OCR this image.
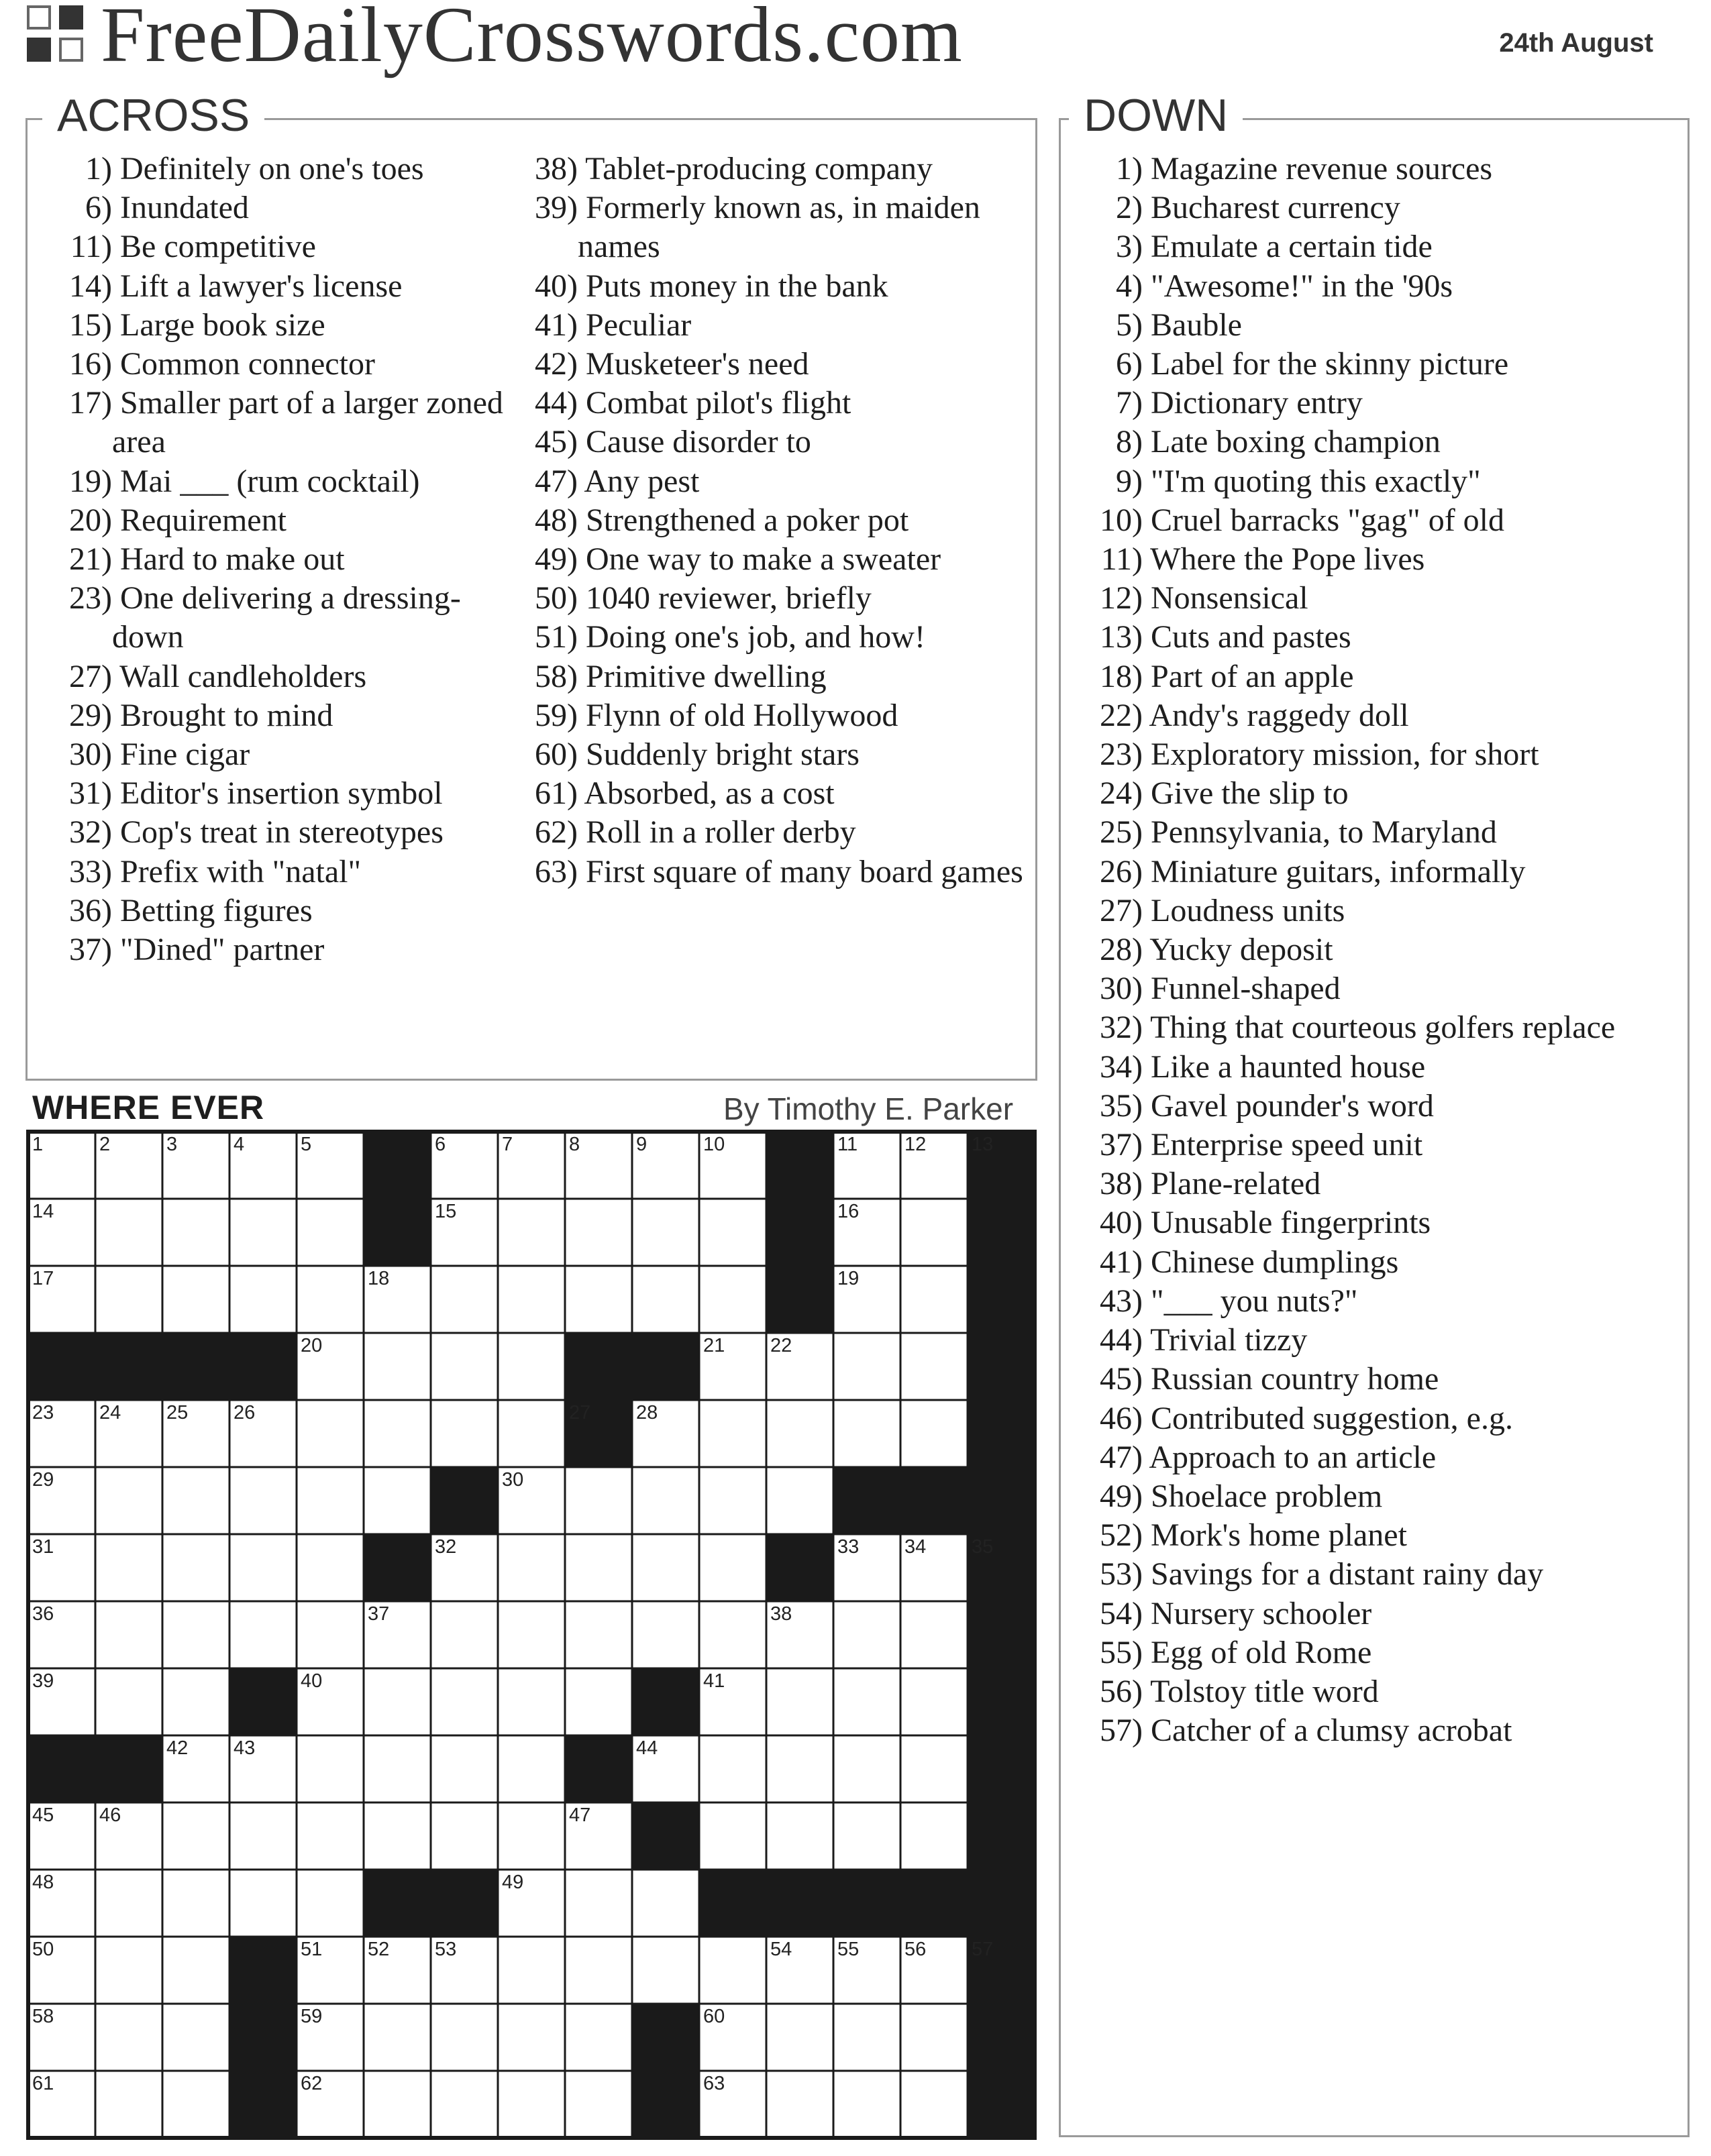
FreeDailyCrosswords.com	24th August
ACROSS
1) Definitely on one's toes
6) Inundated
11) Be competitive
14) Lift a lawyer's license
15) Large book size
16) Common connector
17) Smaller part of a larger zoned area
19) Mai ___ (rum cocktail)
20) Requirement
21) Hard to make out
23) One delivering a dressing-down
27) Wall candleholders
29) Brought to mind
30) Fine cigar
31) Editor's insertion symbol
32) Cop's treat in stereotypes
33) Prefix with "natal"
36) Betting figures
37) "Dined" partner
38) Tablet-producing company
39) Formerly known as, in maiden names
40) Puts money in the bank
41) Peculiar
42) Musketeer's need
44) Combat pilot's flight
45) Cause disorder to
47) Any pest
48) Strengthened a poker pot
49) One way to make a sweater
50) 1040 reviewer, briefly
51) Doing one's job, and how!
58) Primitive dwelling
59) Flynn of old Hollywood
60) Suddenly bright stars
61) Absorbed, as a cost
62) Roll in a roller derby
63) First square of many board games
DOWN
1) Magazine revenue sources
2) Bucharest currency
3) Emulate a certain tide
4) "Awesome!" in the '90s
5) Bauble
6) Label for the skinny picture
7) Dictionary entry
8) Late boxing champion
9) "I'm quoting this exactly"
10) Cruel barracks "gag" of old
11) Where the Pope lives
12) Nonsensical
13) Cuts and pastes
18) Part of an apple
22) Andy's raggedy doll
23) Exploratory mission, for short
24) Give the slip to
25) Pennsylvania, to Maryland
26) Miniature guitars, informally
27) Loudness units
28) Yucky deposit
30) Funnel-shaped
32) Thing that courteous golfers replace
34) Like a haunted house
35) Gavel pounder's word
37) Enterprise speed unit
38) Plane-related
40) Unusable fingerprints
41) Chinese dumplings
43) "___ you nuts?"
44) Trivial tizzy
45) Russian country home
46) Contributed suggestion, e.g.
47) Approach to an article
49) Shoelace problem
52) Mork's home planet
53) Savings for a distant rainy day
54) Nursery schooler
55) Egg of old Rome
56) Tolstoy title word
57) Catcher of a clumsy acrobat
WHERE EVER	By Timothy E. Parker
1	2	3	4	5	6	7	8	9	10	11 12 13
14	15	16
17	18	19
20	21 22
23 24 25 26	27 28
29	30
31	32	33 34 35
36	37	38
39	40	41
42 43	44
45 46	47
48	49
50	51 52 53	54 55 56 57
58	59	60
61	62	63
